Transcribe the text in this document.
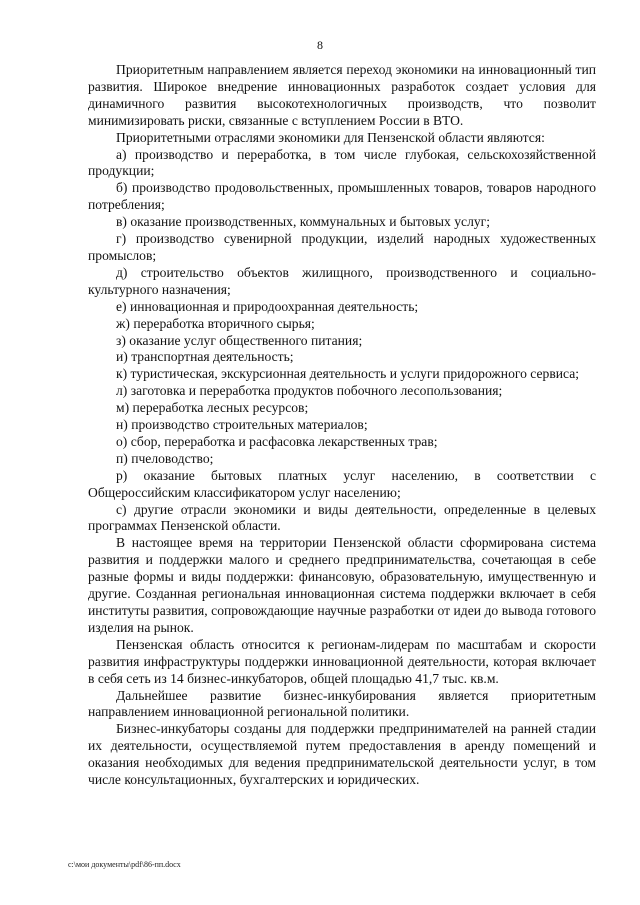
8

Приоритетным направлением является переход экономики на инновационный тип развития. Широкое внедрение инновационных разработок создает условия для динамичного развития высокотехнологичных производств, что позволит минимизировать риски, связанные с вступлением России в ВТО.

Приоритетными отраслями экономики для Пензенской области являются:

а) производство и переработка, в том числе глубокая, сельскохозяйственной продукции;

б) производство продовольственных, промышленных товаров, товаров народного потребления;

в) оказание производственных, коммунальных и бытовых услуг;

г) производство сувенирной продукции, изделий народных художественных промыслов;

д) строительство объектов жилищного, производственного и социально-культурного назначения;

е) инновационная и природоохранная деятельность;

ж) переработка вторичного сырья;

з) оказание услуг общественного питания;

и) транспортная деятельность;

к) туристическая, экскурсионная деятельность и услуги придорожного сервиса;

л) заготовка и переработка продуктов побочного лесопользования;

м) переработка лесных ресурсов;

н) производство строительных материалов;

о) сбор, переработка и расфасовка лекарственных трав;

п) пчеловодство;

р) оказание бытовых платных услуг населению, в соответствии с Общероссийским классификатором услуг населению;

с) другие отрасли экономики и виды деятельности, определенные в целевых программах Пензенской области.

В настоящее время на территории Пензенской области сформирована система развития и поддержки малого и среднего предпринимательства, сочетающая в себе разные формы и виды поддержки: финансовую, образовательную, имущественную и другие. Созданная региональная инновационная система поддержки включает в себя институты развития, сопровождающие научные разработки от идеи до вывода готового изделия на рынок.

Пензенская область относится к регионам-лидерам по масштабам и скорости развития инфраструктуры поддержки инновационной деятельности, которая включает в себя сеть из 14 бизнес-инкубаторов, общей площадью 41,7 тыс. кв.м.

Дальнейшее развитие бизнес-инкубирования является приоритетным направлением инновационной региональной политики.

Бизнес-инкубаторы созданы для поддержки предпринимателей на ранней стадии их деятельности, осуществляемой путем предоставления в аренду помещений и оказания необходимых для ведения предпринимательской деятельности услуг, в том числе консультационных, бухгалтерских и юридических.

c:\мои документы\pdf\86-пп.docx
